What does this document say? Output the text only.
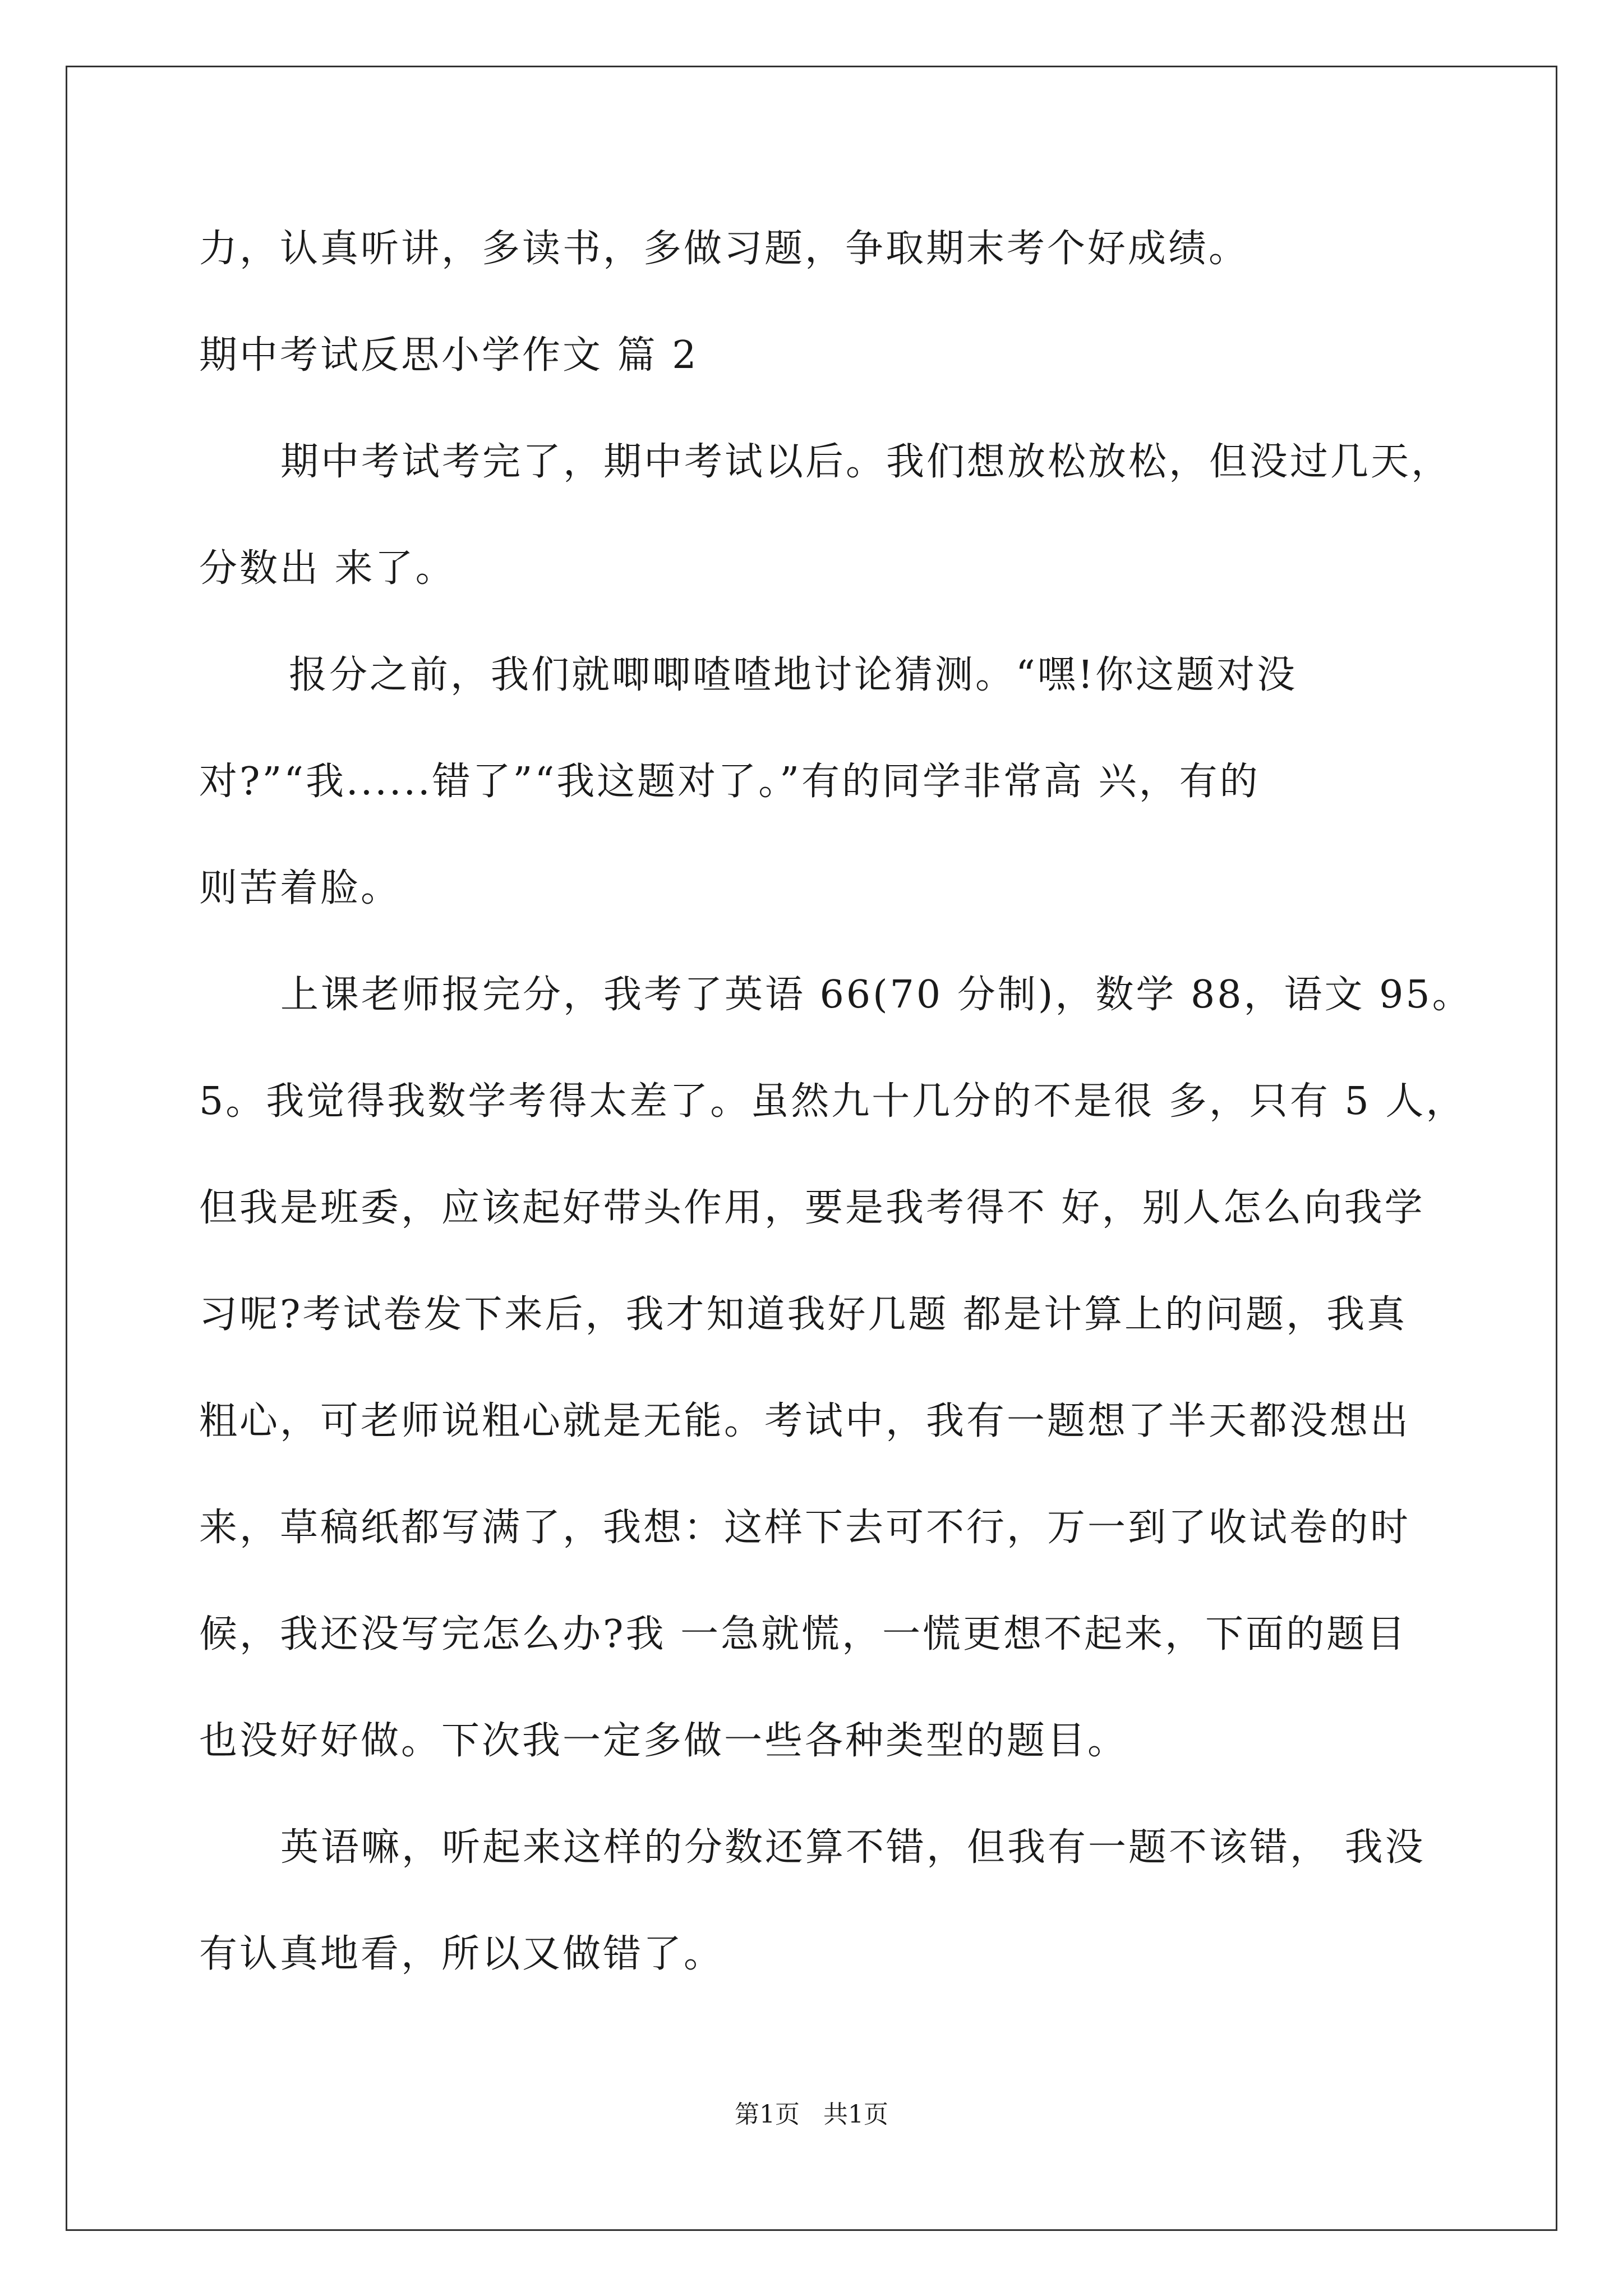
力，认真听讲，多读书，多做习题，争取期末考个好成绩。
期中考试反思小学作文 篇 2
期中考试考完了，期中考试以后。我们想放松放松，但没过几天，
分数出 来了。
报分之前，我们就唧唧喳喳地讨论猜测。“嘿!你这题对没
对?”“我......错了”“我这题对了。”有的同学非常高 兴，有的
则苦着脸。
上课老师报完分，我考了英语 66(70 分制)，数学 88，语文 95。
5。我觉得我数学考得太差了。虽然九十几分的不是很 多，只有 5 人，
但我是班委，应该起好带头作用，要是我考得不 好，别人怎么向我学
习呢?考试卷发下来后，我才知道我好几题 都是计算上的问题，我真
粗心，可老师说粗心就是无能。考试中，我有一题想了半天都没想出
来，草稿纸都写满了，我想：这样下去可不行，万一到了收试卷的时
候，我还没写完怎么办?我 一急就慌，一慌更想不起来，下面的题目
也没好好做。下次我一定多做一些各种类型的题目。
英语嘛，听起来这样的分数还算不错，但我有一题不该错， 我没
有认真地看，所以又做错了。
第1页   共1页
